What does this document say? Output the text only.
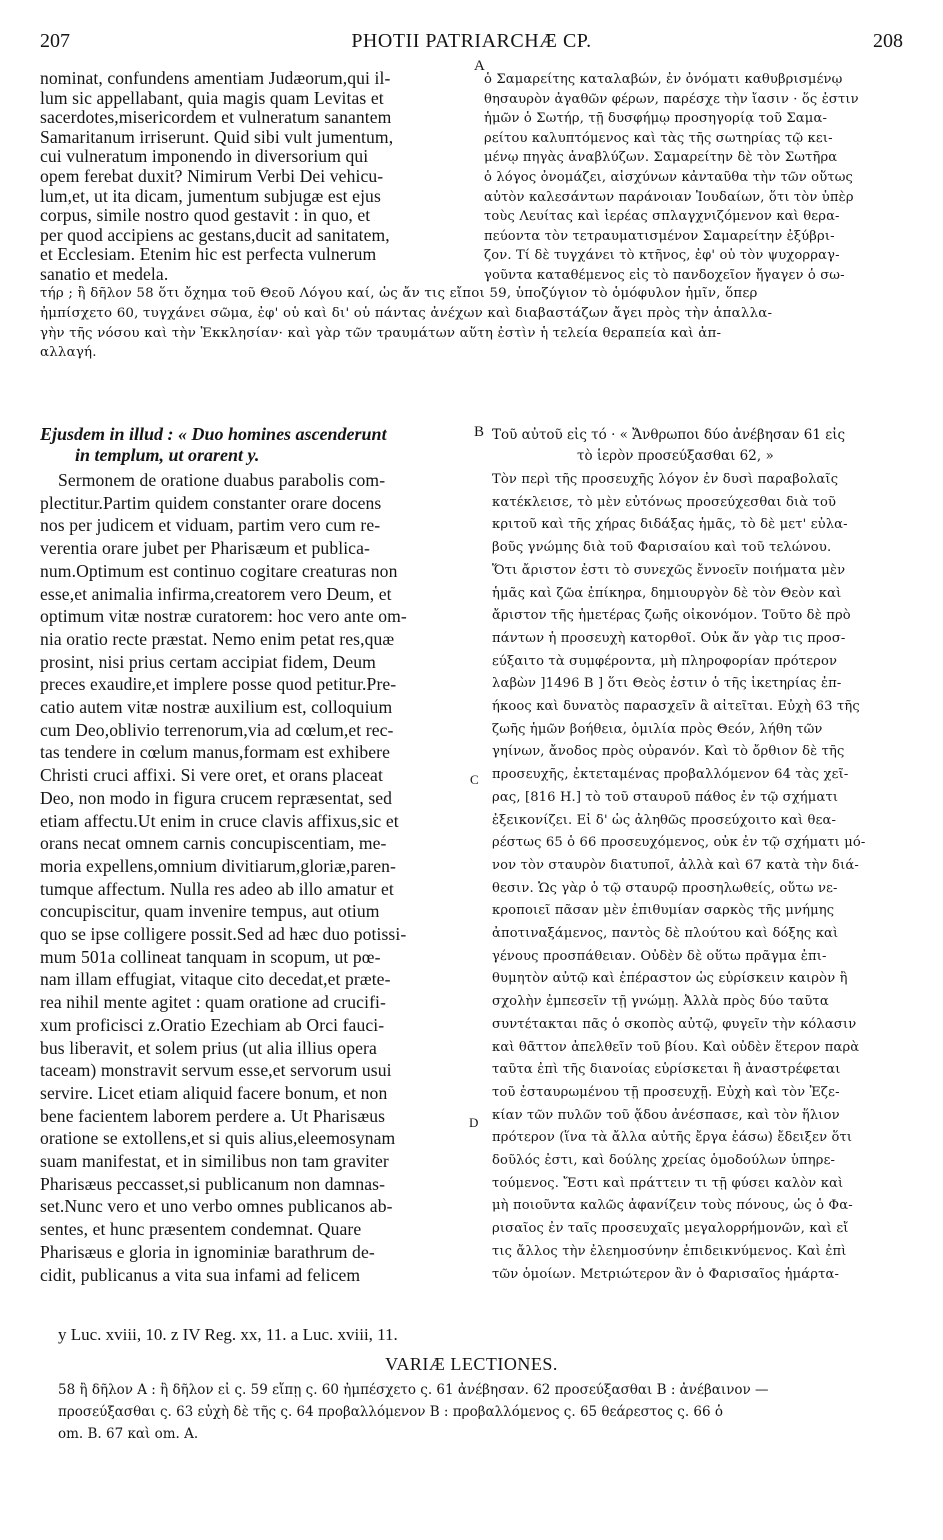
207	PHOTII PATRIARCHÆ CP.	208
nominat, confundens amentiam Judæorum,qui il-
lum sic appellabant, quia magis quam Levitas et
sacerdotes,misericordem et vulneratum sanantem
Samaritanum irriserunt. Quid sibi vult jumentum,
cui vulneratum imponendo in diversorium qui
opem ferebat duxit? Nimirum Verbi Dei vehicu-
lum,et, ut ita dicam, jumentum subjugæ est ejus
corpus, simile nostro quod gestavit : in quo, et
per quod accipiens ac gestans,ducit ad sanitatem,
et Ecclesiam. Etenim hic est perfecta vulnerum
sanatio et medela.
ὁ Σαμαρείτης καταλαβών, ἐν ὀνόματι καθυβρισμένῳ
θησαυρὸν ἀγαθῶν φέρων, παρέσχε τὴν ἴασιν · ὅς ἐστιν
ἡμῶν ὁ Σωτήρ, τῇ δυσφήμῳ προσηγορίᾳ τοῦ Σαμα-
ρείτου καλυπτόμενος καὶ τὰς τῆς σωτηρίας τῷ κει-
μένῳ πηγὰς ἀναβλύζων. Σαμαρείτην δὲ τὸν Σωτῆρα
ὁ λόγος ὀνομάζει, αἰσχύνων κἀνταῦθα τὴν τῶν οὕτως
αὐτὸν καλεσάντων παράνοιαν Ἰουδαίων, ὅτι τὸν ὑπὲρ
τοὺς Λευίτας καὶ ἱερέας σπλαγχνιζόμενον καὶ θερα-
πεύοντα τὸν τετραυματισμένον Σαμαρείτην ἐξύβρι-
ζον. Τί δὲ τυγχάνει τὸ κτῆνος, ἐφ' οὗ τὸν ψυχορραγ-
γοῦντα καταθέμενος εἰς τὸ πανδοχεῖον ἤγαγεν ὁ σω-
τήρ ; ἢ δῆλον 58 ὅτι ὄχημα τοῦ Θεοῦ Λόγου καί, ὡς ἄν τις εἴποι 59, ὑποζύγιον τὸ ὁμόφυλον ἡμῖν, ὅπερ
ἠμπίσχετο 60, τυγχάνει σῶμα, ἐφ' οὗ καὶ δι' οὗ πάντας ἀνέχων καὶ διαβαστάζων ἄγει πρὸς τὴν ἀπαλλα-
γὴν τῆς νόσου καὶ τὴν Ἐκκλησίαν· καὶ γὰρ τῶν τραυμάτων αὕτη ἐστὶν ἡ τελεία θεραπεία καὶ ἀπ-
αλλαγή.
A
B
C
D
Ejusdem in illud : « Duo homines ascenderunt
in templum, ut orarent y.
Τοῦ αὐτοῦ εἰς τό · « Ἄνθρωποι δύο ἀνέβησαν 61 εἰς
τὸ ἱερὸν προσεύξασθαι 62, »
Sermonem de oratione duabus parabolis com-
plectitur.Partim quidem constanter orare docens
nos per judicem et viduam, partim vero cum re-
verentia orare jubet per Pharisæum et publica-
num.Optimum est continuo cogitare creaturas non
esse,et animalia infirma,creatorem vero Deum, et
optimum vitæ nostræ curatorem: hoc vero ante om-
nia oratio recte præstat. Nemo enim petat res,quæ
prosint, nisi prius certam accipiat fidem, Deum
preces exaudire,et implere posse quod petitur.Pre-
catio autem vitæ nostræ auxilium est, colloquium
cum Deo,oblivio terrenorum,via ad cœlum,et rec-
tas tendere in cœlum manus,formam est exhibere
Christi cruci affixi. Si vere oret, et orans placeat
Deo, non modo in figura crucem repræsentat, sed
etiam affectu.Ut enim in cruce clavis affixus,sic et
orans necat omnem carnis concupiscentiam, me-
moria expellens,omnium divitiarum,gloriæ,paren-
tumque affectum. Nulla res adeo ab illo amatur et
concupiscitur, quam invenire tempus, aut otium
quo se ipse colligere possit.Sed ad hæc duo potissi-
mum 501a collineat tanquam in scopum, ut pœ-
nam illam effugiat, vitaque cito decedat,et præte-
rea nihil mente agitet : quam oratione ad crucifi-
xum proficisci z.Oratio Ezechiam ab Orci fauci-
bus liberavit, et solem prius (ut alia illius opera
taceam) monstravit servum esse,et servorum usui
servire. Licet etiam aliquid facere bonum, et non
bene facientem laborem perdere a. Ut Pharisæus
oratione se extollens,et si quis alius,eleemosynam
suam manifestat, et in similibus non tam graviter
Pharisæus peccasset,si publicanum non damnas-
set.Nunc vero et uno verbo omnes publicanos ab-
sentes, et hunc præsentem condemnat. Quare
Pharisæus e gloria in ignominiæ barathrum de-
cidit, publicanus a vita sua infami ad felicem
Τὸν περὶ τῆς προσευχῆς λόγον ἐν δυσὶ παραβολαῖς
κατέκλεισε, τὸ μὲν εὐτόνως προσεύχεσθαι διὰ τοῦ
κριτοῦ καὶ τῆς χήρας διδάξας ἡμᾶς, τὸ δὲ μετ' εὐλα-
βοῦς γνώμης διὰ τοῦ Φαρισαίου καὶ τοῦ τελώνου.
Ὅτι ἄριστον ἐστι τὸ συνεχῶς ἔννοεῖν ποιήματα μὲν
ἡμᾶς καὶ ζῶα ἐπίκηρα, δημιουργὸν δὲ τὸν Θεὸν καὶ
ἄριστον τῆς ἡμετέρας ζωῆς οἰκονόμον. Τοῦτο δὲ πρὸ
πάντων ἡ προσευχὴ κατορθοῖ. Οὐκ ἄν γὰρ τις προσ-
εύξαιτο τὰ συμφέροντα, μὴ πληροφορίαν πρότερον
λαβὼν ]1496 B ] ὅτι Θεὸς ἐστιν ὁ τῆς ἱκετηρίας ἐπ-
ήκοος καὶ δυνατὸς παρασχεῖν ἃ αἰτεῖται. Εὐχὴ 63 τῆς
ζωῆς ἡμῶν βοήθεια, ὁμιλία πρὸς Θεόν, λήθη τῶν
γηίνων, ἄνοδος πρὸς οὐρανόν. Καὶ τὸ ὄρθιον δὲ τῆς
προσευχῆς, ἐκτεταμένας προβαλλόμενον 64 τὰς χεῖ-
ρας, [816 H.] τὸ τοῦ σταυροῦ πάθος ἐν τῷ σχήματι
ἐξεικονίζει. Εἰ δ' ὡς ἀληθῶς προσεύχοιτο καὶ θεα-
ρέστως 65 ὁ 66 προσευχόμενος, οὐκ ἐν τῷ σχήματι μό-
νον τὸν σταυρὸν διατυποῖ, ἀλλὰ καὶ 67 κατὰ τὴν διά-
θεσιν. Ὡς γὰρ ὁ τῷ σταυρῷ προσηλωθείς, οὕτω νε-
κροποιεῖ πᾶσαν μὲν ἐπιθυμίαν σαρκὸς τῆς μνήμης
ἀποτιναξάμενος, παντὸς δὲ πλούτου καὶ δόξης καὶ
γένους προσπάθειαν. Οὐδὲν δὲ οὕτω πρᾶγμα ἐπι-
θυμητὸν αὐτῷ καὶ ἐπέραστον ὡς εὑρίσκειν καιρὸν ἢ
σχολὴν ἐμπεσεῖν τῇ γνώμῃ. Ἀλλὰ πρὸς δύο ταῦτα
συντέτακται πᾶς ὁ σκοπὸς αὐτῷ, φυγεῖν τὴν κόλασιν
καὶ θᾶττον ἀπελθεῖν τοῦ βίου. Καὶ οὐδὲν ἕτερον παρὰ
ταῦτα ἐπὶ τῆς διανοίας εὑρίσκεται ἢ ἀναστρέφεται
τοῦ ἐσταυρωμένου τῇ προσευχῇ. Εὐχὴ καὶ τὸν Ἐζε-
κίαν τῶν πυλῶν τοῦ ᾅδου ἀνέσπασε, καὶ τὸν ἥλιον
πρότερον (ἵνα τὰ ἄλλα αὐτῆς ἔργα ἐάσω) ἔδειξεν ὅτι
δοῦλός ἐστι, καὶ δούλης χρείας ὁμοδούλων ὑπηρε-
τούμενος. Ἔστι καὶ πράττειν τι τῇ φύσει καλὸν καὶ
μὴ ποιοῦντα καλῶς ἀφανίζειν τοὺς πόνους, ὡς ὁ Φα-
ρισαῖος ἐν ταῖς προσευχαῖς μεγαλορρήμονῶν, καὶ εἴ
τις ἄλλος τὴν ἐλεημοσύνην ἐπιδεικνύμενος. Καὶ ἐπὶ
τῶν ὁμοίων. Μετριώτερον ἂν ὁ Φαρισαῖος ἡμάρτα-
y Luc. xviii, 10. z IV Reg. xx, 11. a Luc. xviii, 11.
VARIÆ LECTIONES.
58 ἢ δῆλον A : ἢ δῆλον εἰ ς. 59 εἴπῃ ς. 60 ἠμπέσχετο ς. 61 ἀνέβησαν. 62 προσεύξασθαι B : ἀνέβαινον —
προσεύξασθαι ς. 63 εὐχὴ δὲ τῆς ς. 64 προβαλλόμενον B : προβαλλόμενος ς. 65 θεάρεστος ς. 66 ὁ
om. B. 67 καὶ om. A.
